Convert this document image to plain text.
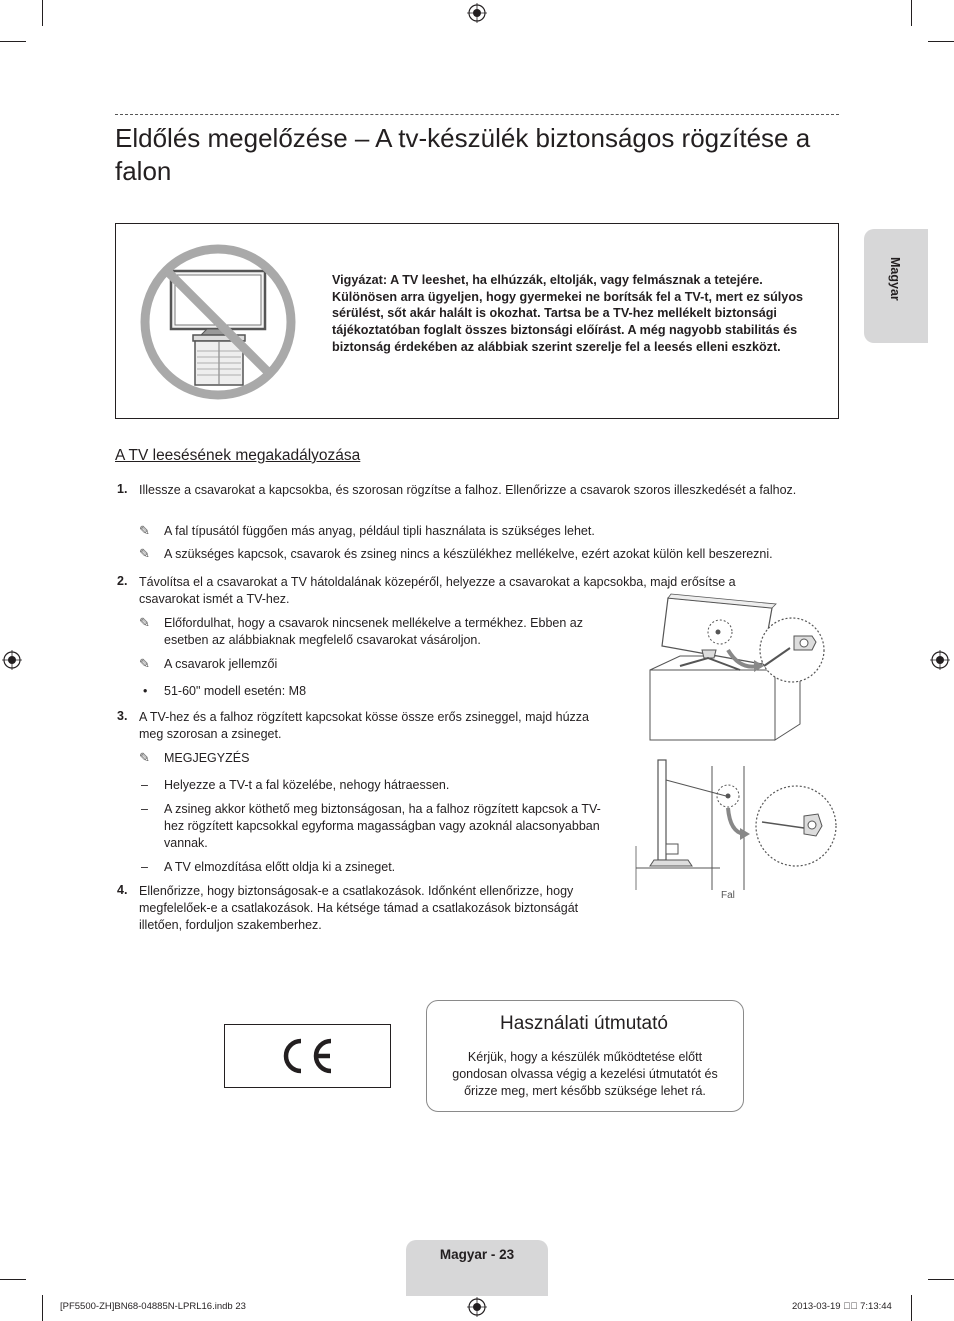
Eldőlés megelőzése – A tv-készülék biztonságos rögzítése a falon
Magyar
Vigyázat: A TV leeshet, ha elhúzzák, eltolják, vagy felmásznak a tetejére. Különösen arra ügyeljen, hogy gyermekei ne borítsák fel a TV-t, mert ez súlyos sérülést, sőt akár halált is okozhat. Tartsa be a TV-hez mellékelt biztonsági tájékoztatóban foglalt összes biztonsági előírást. A még nagyobb stabilitás és biztonság érdekében az alábbiak szerint szerelje fel a leesés elleni eszközt.
A TV leesésének megakadályozása
1. Illessze a csavarokat a kapcsokba, és szorosan rögzítse a falhoz. Ellenőrizze a csavarok szoros illeszkedését a falhoz.
✎ A fal típusától függően más anyag, például tipli használata is szükséges lehet.
✎ A szükséges kapcsok, csavarok és zsineg nincs a készülékhez mellékelve, ezért azokat külön kell beszerezni.
2. Távolítsa el a csavarokat a TV hátoldalának közepéről, helyezze a csavarokat a kapcsokba, majd erősítse a csavarokat ismét a TV-hez.
✎ Előfordulhat, hogy a csavarok nincsenek mellékelve a termékhez. Ebben az esetben az alábbiaknak megfelelő csavarokat vásároljon.
✎ A csavarok jellemzői
• 51-60" modell esetén: M8
3. A TV-hez és a falhoz rögzített kapcsokat kösse össze erős zsineggel, majd húzza meg szorosan a zsineget.
✎ MEGJEGYZÉS
– Helyezze a TV-t a fal közelébe, nehogy hátraessen.
– A zsineg akkor köthető meg biztonságosan, ha a falhoz rögzített kapcsok a TV-hez rögzített kapcsokkal egyforma magasságban vagy azoknál alacsonyabban vannak.
– A TV elmozdítása előtt oldja ki a zsineget.
4. Ellenőrizze, hogy biztonságosak-e a csatlakozások. Időnként ellenőrizze, hogy megfelelőek-e a csatlakozások. Ha kétsége támad a csatlakozások biztonságát illetően, forduljon szakemberhez.
Fal
Használati útmutató
Kérjük, hogy a készülék működtetése előtt gondosan olvassa végig a kezelési útmutatót és őrizze meg, mert később szüksége lehet rá.
Magyar - 23
[PF5500-ZH]BN68-04885N-LPRL16.indb 23	2013-03-19 ￿￿ 7:13:44
